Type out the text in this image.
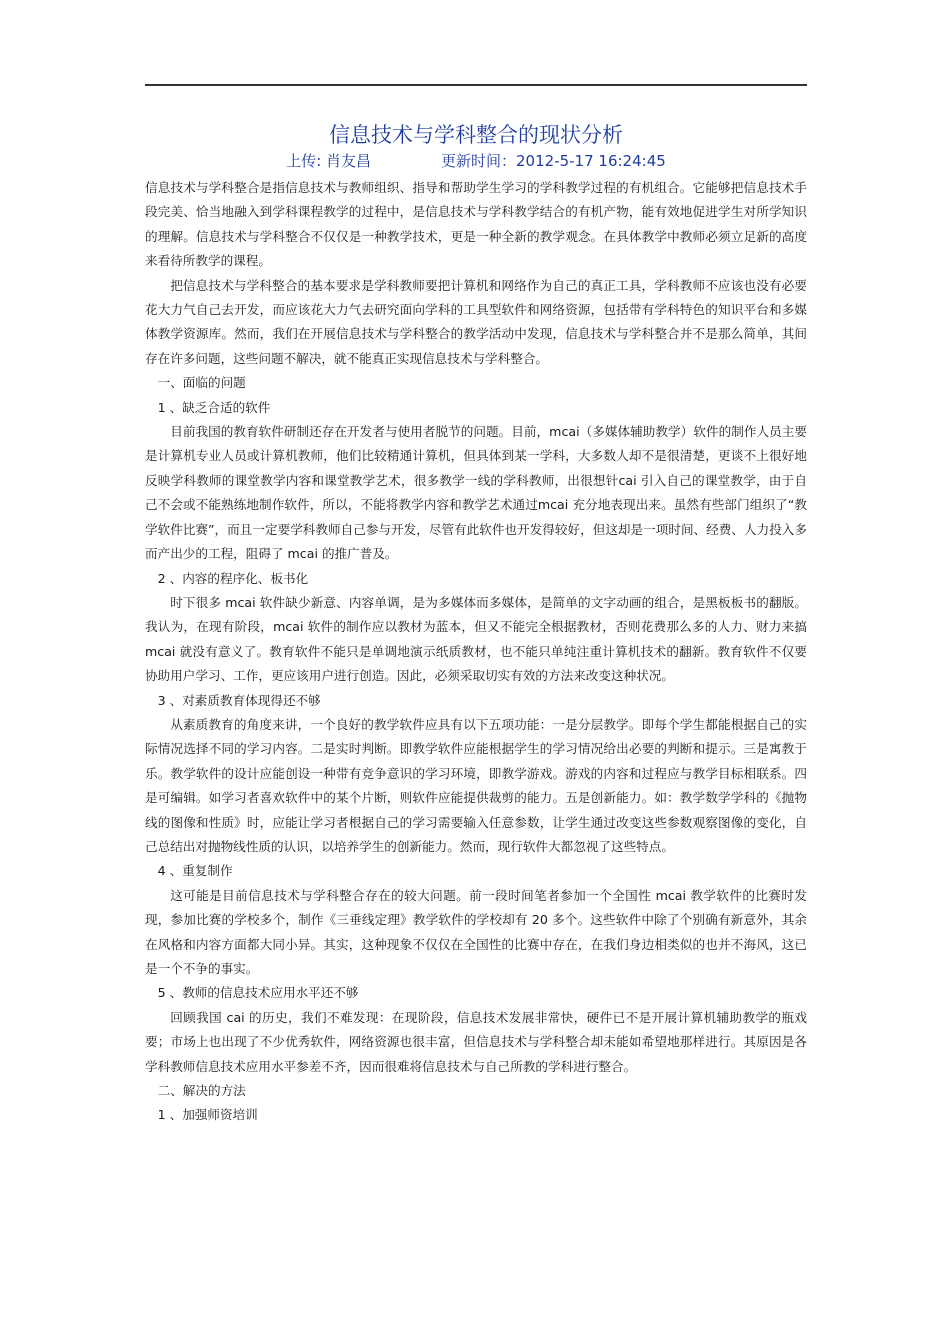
信息技术与学科整合的现状分析
上传: 肖友昌	更新时间：2012-5-17 16:24:45

信息技术与学科整合是指信息技术与教师组织、指导和帮助学生学习的学科教学过程的有机组合。它能够把信息技术手段完美、恰当地融入到学科课程教学的过程中，是信息技术与学科教学结合的有机产物，能有效地促进学生对所学知识的理解。信息技术与学科整合不仅仅是一种教学技术，更是一种全新的教学观念。在具体教学中教师必须立足新的高度来看待所教学的课程。

把信息技术与学科整合的基本要求是学科教师要把计算机和网络作为自己的真正工具，学科教师不应该也没有必要花大力气自己去开发，而应该花大力气去研究面向学科的工具型软件和网络资源，包括带有学科特色的知识平台和多媒体教学资源库。然而，我们在开展信息技术与学科整合的教学活动中发现，信息技术与学科整合并不是那么简单，其间存在许多问题，这些问题不解决，就不能真正实现信息技术与学科整合。

一、面临的问题

1 、缺乏合适的软件

目前我国的教育软件研制还存在开发者与使用者脱节的问题。目前，mcai（多媒体辅助教学）软件的制作人员主要是计算机专业人员或计算机教师，他们比较精通计算机，但具体到某一学科，大多数人却不是很清楚，更谈不上很好地反映学科教师的课堂教学内容和课堂教学艺术，很多教学一线的学科教师，出很想针cai 引入自己的课堂教学，由于自己不会或不能熟练地制作软件，所以，不能将教学内容和教学艺术通过mcai 充分地表现出来。虽然有些部门组织了“教学软件比赛”，而且一定要学科教师自己参与开发，尽管有此软件也开发得较好，但这却是一项时间、经费、人力投入多而产出少的工程，阻碍了 mcai 的推广普及。

2 、内容的程序化、板书化

时下很多 mcai 软件缺少新意、内容单调，是为多媒体而多媒体，是简单的文字动画的组合，是黑板板书的翻版。我认为，在现有阶段，mcai 软件的制作应以教材为蓝本，但又不能完全根据教材，否则花费那么多的人力、财力来搞 mcai 就没有意义了。教育软件不能只是单调地演示纸质教材，也不能只单纯注重计算机技术的翻新。教育软件不仅要协助用户学习、工作，更应该用户进行创造。因此，必须采取切实有效的方法来改变这种状况。

3 、对素质教育体现得还不够

从素质教育的角度来讲，一个良好的教学软件应具有以下五项功能：一是分层教学。即每个学生都能根据自己的实际情况选择不同的学习内容。二是实时判断。即教学软件应能根据学生的学习情况给出必要的判断和提示。三是寓教于乐。教学软件的设计应能创设一种带有竞争意识的学习环境，即教学游戏。游戏的内容和过程应与教学目标相联系。四是可编辑。如学习者喜欢软件中的某个片断，则软件应能提供裁剪的能力。五是创新能力。如：教学数学学科的《抛物线的图像和性质》时，应能让学习者根据自己的学习需要输入任意参数，让学生通过改变这些参数观察图像的变化，自己总结出对抛物线性质的认识，以培养学生的创新能力。然而，现行软件大都忽视了这些特点。

4 、重复制作

这可能是目前信息技术与学科整合存在的较大问题。前一段时间笔者参加一个全国性 mcai 教学软件的比赛时发现，参加比赛的学校多个，制作《三垂线定理》教学软件的学校却有 20 多个。这些软件中除了个别确有新意外，其余在风格和内容方面都大同小异。其实，这种现象不仅仅在全国性的比赛中存在，在我们身边相类似的也并不海风，这已是一个不争的事实。

5 、教师的信息技术应用水平还不够

回顾我国 cai 的历史，我们不难发现：在现阶段，信息技术发展非常快，硬件已不是开展计算机辅助教学的瓶戏要；市场上也出现了不少优秀软件，网络资源也很丰富，但信息技术与学科整合却未能如希望地那样进行。其原因是各学科教师信息技术应用水平参差不齐，因而很难将信息技术与自己所教的学科进行整合。

二、解决的方法

1 、加强师资培训
